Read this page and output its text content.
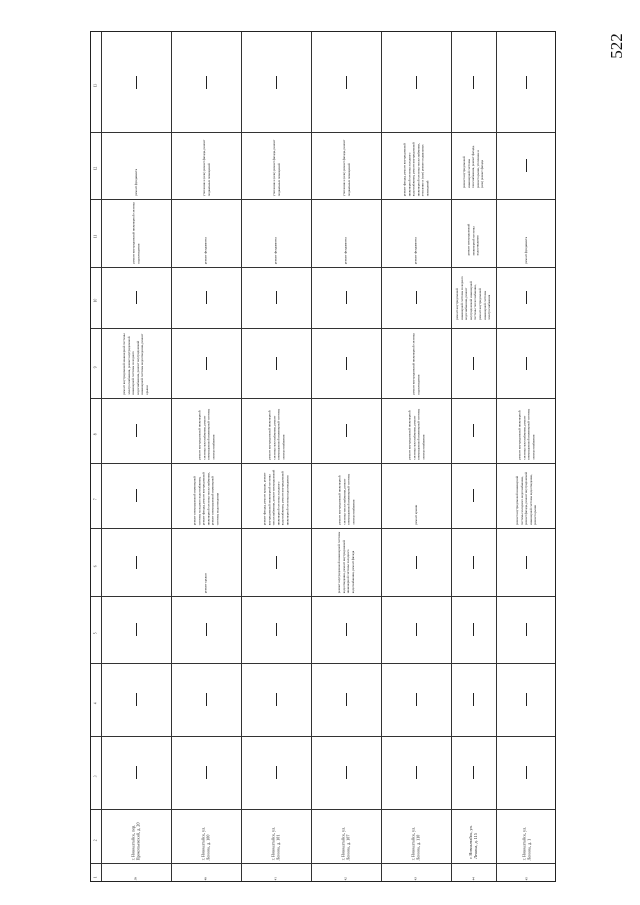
522
1
2
3
4
5
6
7
8
9
10
11
12
13
39
г. Новоалтайск, пер. Прокопьевский, д. 20
ремонт внутридомовой инженерной системы электроснабжения, ремонт внутридомовой инженерной системы холодного водоснабжения, ремонт внутридомовой инженерной системы водоотведения, ремонт крыши
ремонт внутридомовой инженерной системы водоотведения
ремонт фундамента
40
г. Новоалтайск, ул. Ленина, д. 100
ремонт крыши
ремонт внутридомовой инженерной системы холодного водоснабжения, ремонт фасада, ремонт внутридомовой инженерной системы теплоснабжения, ремонт внутридомовой инженерной системы водоотведения
ремонт внутридомовой инженерной системы газоснабжения, ремонт внутридомовой инженерной системы электроснабжения
ремонт фундамента
утепление и (или) ремонт фасада, ремонт подвальных помещений
41
г. Новоалтайск, ул. Ленина, д. 101
ремонт фасада, ремонт крыши, ремонт внутридомовой инженерной системы теплоснабжения, ремонт внутридомовой инженерной системы холодного водоснабжения, ремонт внутридомовой инженерной системы водоотведения
ремонт внутридомовой инженерной системы газоснабжения, ремонт внутридомовой инженерной системы электроснабжения
ремонт фундамента
утепление и (или) ремонт фасада, ремонт подвальных помещений
42
г. Новоалтайск, ул. Ленина, д. 107
ремонт внутридомовой инженерной системы водоотведения, ремонт внутридомовой инженерной системы холодного водоснабжения, ремонт фасада
ремонт внутридомовой инженерной системы теплоснабжения, ремонт внутридомовой инженерной системы электроснабжения
ремонт фундамента
утепление и (или) ремонт фасада, ремонт подвальных помещений
43
г. Новоалтайск, ул. Ленина, д. 110
ремонт крыши
ремонт внутридомовой инженерной системы газоснабжения, ремонт внутридомовой инженерной системы электроснабжения
ремонт внутридомовой инженерной системы водоотведения
ремонт фундамента
ремонт фасада, ремонт внутридомовой инженерной системы холодного водоснабжения, ремонт внутридомовой инженерной системы теплоснабжения, утепление и (или) ремонт подвальных помещений
44
г. Новоалтайск, ул. Ленина, д. 115
ремонт внутридомовой инженерной системы холодного водоснабжения, ремонт внутридомовой инженерной системы теплоснабжения, ремонт внутридомовой инженерной системы электроснабжения
ремонт внутридомовой инженерной системы водоотведения
ремонт внутридомовой инженерной системы газоснабжения, ремонт фасада, ремонт крыши, утепление и (или) ремонт фасада
45
г. Новоалтайск, ул. Ленина, д. 1
ремонт внутридомовой инженерной системы холодного водоснабжения, ремонт фасада, ремонт внутридомовой инженерной системы водоотведения, ремонт крыши
ремонт внутридомовой инженерной системы газоснабжения, ремонт внутридомовой инженерной системы электроснабжения
ремонт фундамента
